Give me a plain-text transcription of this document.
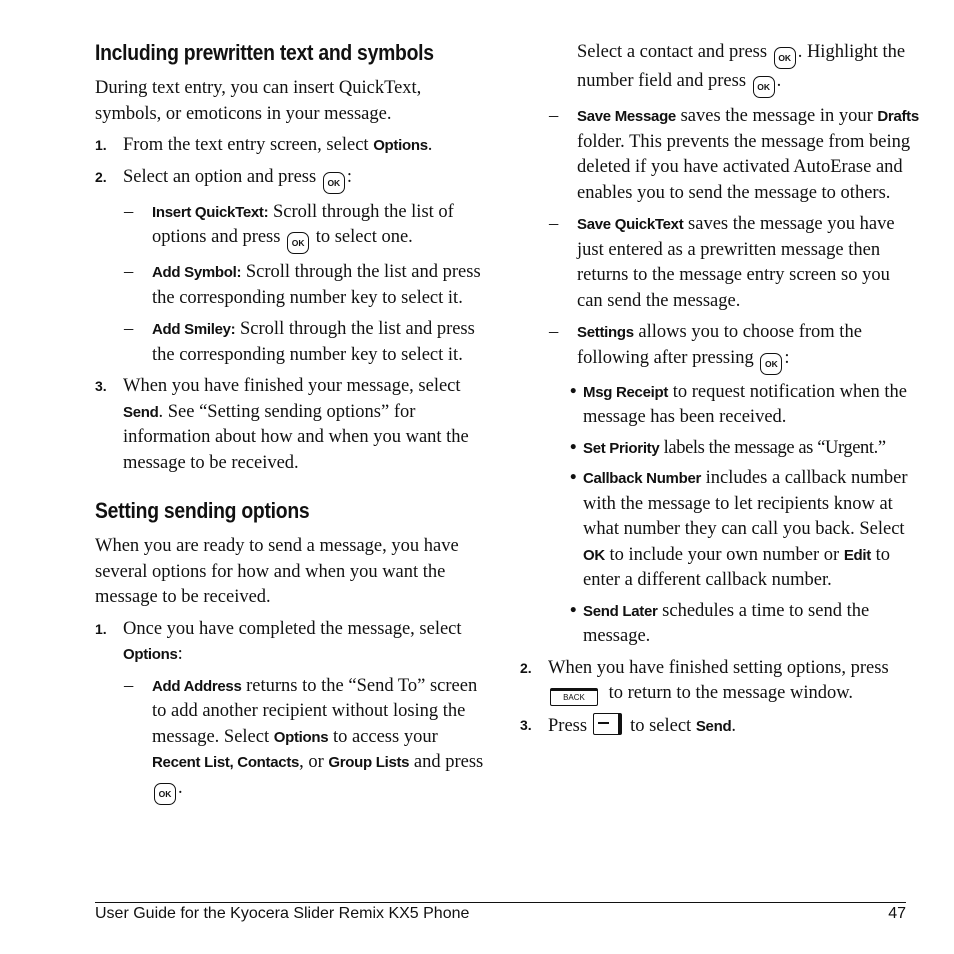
Including prewritten text and symbols

During text entry, you can insert QuickText, symbols, or emoticons in your message.

1. From the text entry screen, select Options.
2. Select an option and press OK :
– Insert QuickText: Scroll through the list of options and press OK to select one.
– Add Symbol: Scroll through the list and press the corresponding number key to select it.
– Add Smiley: Scroll through the list and press the corresponding number key to select it.
3. When you have finished your message, select Send. See “Setting sending options” for information about how and when you want the message to be received.
Setting sending options

When you are ready to send a message, you have several options for how and when you want the message to be received.

1. Once you have completed the message, select Options:
– Add Address returns to the “Send To” screen to add another recipient without losing the message. Select Options to access your Recent List, Contacts, or Group Lists and press OK .
Select a contact and press OK . Highlight the number field and press OK .
– Save Message saves the message in your Drafts folder. This prevents the message from being deleted if you have activated AutoErase and enables you to send the message to others.
– Save QuickText saves the message you have just entered as a prewritten message then returns to the message entry screen so you can send the message.
– Settings allows you to choose from the following after pressing OK :
• Msg Receipt to request notification when the message has been received.
• Set Priority labels the message as “Urgent.”
• Callback Number includes a callback number with the message to let recipients know at what number they can call you back. Select OK to include your own number or Edit to enter a different callback number.
• Send Later schedules a time to send the message.
2. When you have finished setting options, press
BACK to return to the message window.
3. Press to select Send.
User Guide for the Kyocera Slider Remix KX5 Phone	47
